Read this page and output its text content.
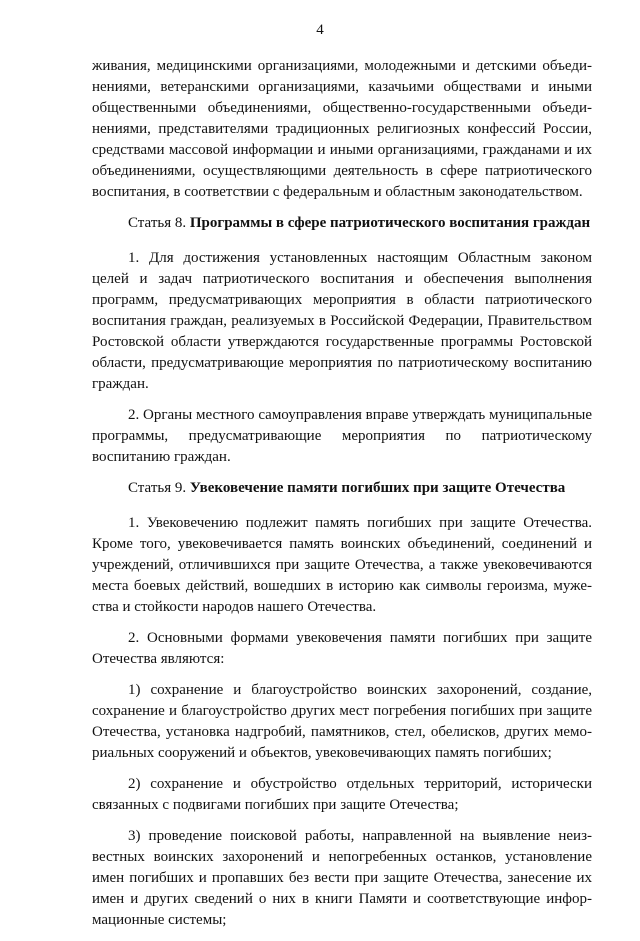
4

живания, медицинскими организациями, молодежными и детскими объединениями, ветеранскими организациями, казачьими обществами и иными общественными объединениями, общественно-государственными объединениями, представителями традиционных религиозных конфессий России, средствами массовой информации и иными организациями, гражданами и их объединениями, осуществляющими деятельность в сфере патриотического воспитания, в соответствии с федеральным и областным законодательством.

Статья 8. Программы в сфере патриотического воспитания граждан

1. Для достижения установленных настоящим Областным законом целей и задач патриотического воспитания и обеспечения выполнения программ, предусматривающих мероприятия в области патриотического воспитания граждан, реализуемых в Российской Федерации, Правительством Ростовской области утверждаются государственные программы Ростовской области, предусматривающие мероприятия по патриотическому воспитанию граждан.

2. Органы местного самоуправления вправе утверждать муниципальные программы, предусматривающие мероприятия по патриотическому воспитанию граждан.

Статья 9. Увековечение памяти погибших при защите Отечества

1. Увековечению подлежит память погибших при защите Отечества. Кроме того, увековечивается память воинских объединений, соединений и учреждений, отличившихся при защите Отечества, а также увековечиваются места боевых действий, вошедших в историю как символы героизма, мужества и стойкости народов нашего Отечества.

2. Основными формами увековечения памяти погибших при защите Отечества являются:

1) сохранение и благоустройство воинских захоронений, создание, сохранение и благоустройство других мест погребения погибших при защите Отечества, установка надгробий, памятников, стел, обелисков, других мемориальных сооружений и объектов, увековечивающих память погибших;

2) сохранение и обустройство отдельных территорий, исторически связанных с подвигами погибших при защите Отечества;

3) проведение поисковой работы, направленной на выявление неизвестных воинских захоронений и непогребенных останков, установление имен погибших и пропавших без вести при защите Отечества, занесение их имен и других сведений о них в книги Памяти и соответствующие информационные системы;
